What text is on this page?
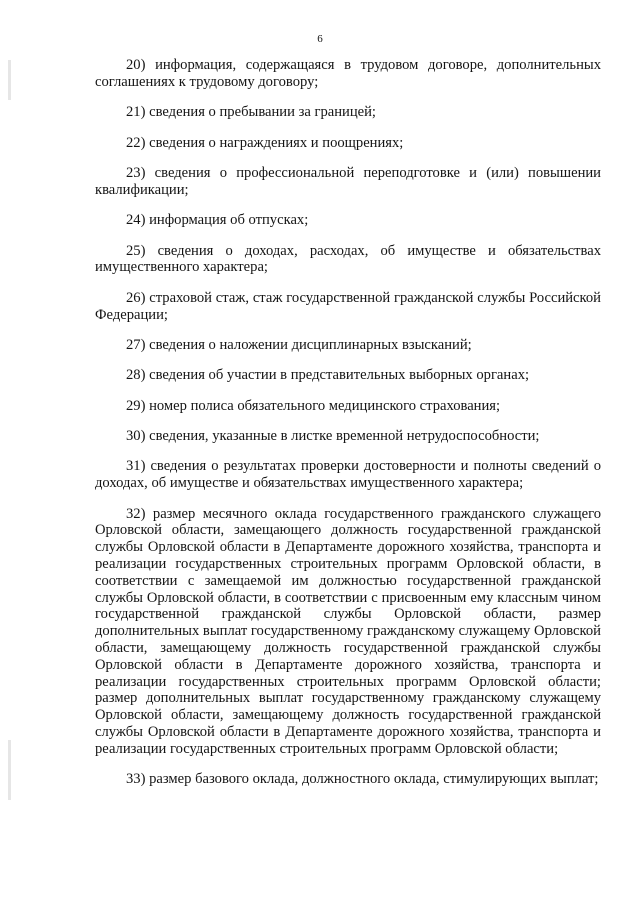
6

20) информация, содержащаяся в трудовом договоре, дополнительных соглашениях к трудовому договору;

21) сведения о пребывании за границей;

22) сведения о награждениях и поощрениях;

23) сведения о профессиональной переподготовке и (или) повышении квалификации;

24) информация об отпусках;

25) сведения о доходах, расходах, об имуществе и обязательствах имущественного характера;

26) страховой стаж, стаж государственной гражданской службы Российской Федерации;

27) сведения о наложении дисциплинарных взысканий;

28) сведения об участии в представительных выборных органах;

29) номер полиса обязательного медицинского страхования;

30) сведения, указанные в листке временной нетрудоспособности;

31) сведения о результатах проверки достоверности и полноты сведений о доходах, об имуществе и обязательствах имущественного характера;

32) размер месячного оклада государственного гражданского служащего Орловской области, замещающего должность государственной гражданской службы Орловской области в Департаменте дорожного хозяйства, транспорта и реализации государственных строительных программ Орловской области, в соответствии с замещаемой им должностью государственной гражданской службы Орловской области, в соответствии с присвоенным ему классным чином государственной гражданской службы Орловской области, размер дополнительных выплат государственному гражданскому служащему Орловской области, замещающему должность государственной гражданской службы Орловской области в Департаменте дорожного хозяйства, транспорта и реализации государственных строительных программ Орловской области; размер дополнительных выплат государственному гражданскому служащему Орловской области, замещающему должность государственной гражданской службы Орловской области в Департаменте дорожного хозяйства, транспорта и реализации государственных строительных программ Орловской области;

33) размер базового оклада, должностного оклада, стимулирующих выплат;
